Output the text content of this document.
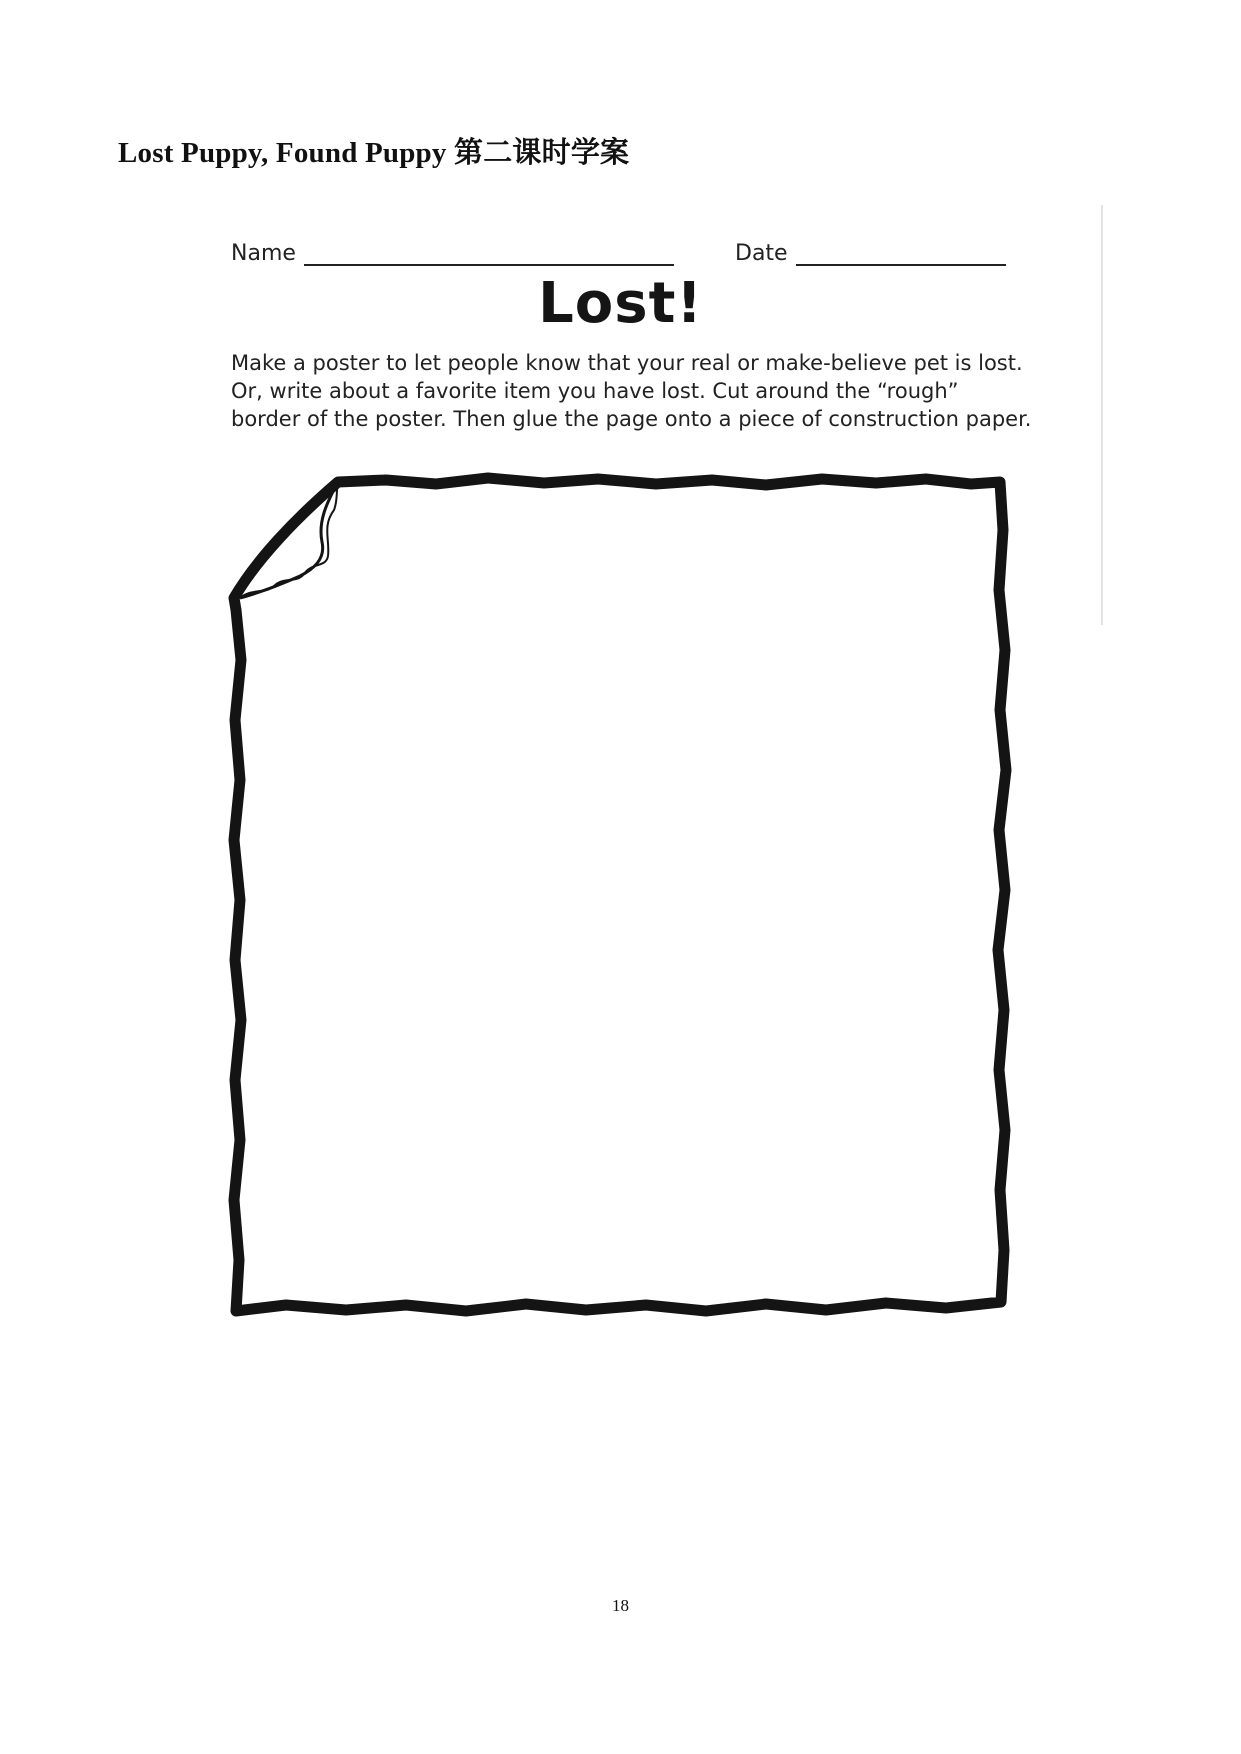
Lost Puppy, Found Puppy 第二课时学案
Name	Date
Lost!

Make a poster to let people know that your real or make-believe pet is lost.
Or, write about a favorite item you have lost. Cut around the “rough”
border of the poster. Then glue the page onto a piece of construction paper.

18
